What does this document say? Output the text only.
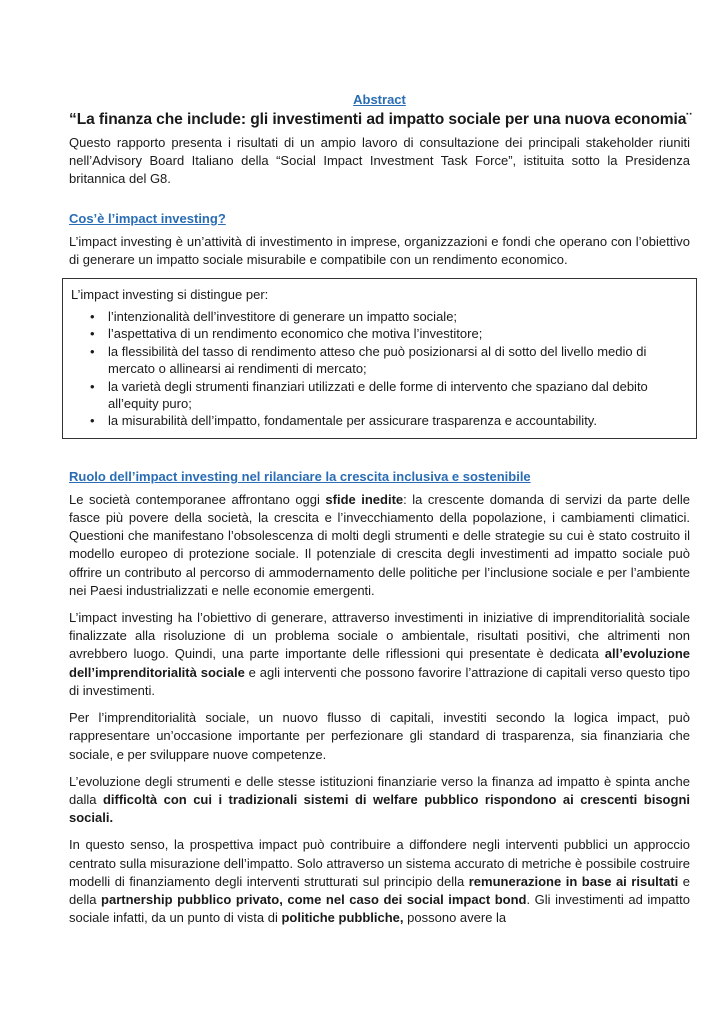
Abstract
“La finanza che include: gli investimenti ad impatto sociale per una nuova economia¨

Questo rapporto presenta i risultati di un ampio lavoro di consultazione dei principali stakeholder riuniti nell’Advisory Board Italiano della “Social Impact Investment Task Force”, istituita sotto la Presidenza britannica del G8.

Cos’è l’impact investing?

L’impact investing è un’attività di investimento in imprese, organizzazioni e fondi che operano con l’obiettivo di generare un impatto sociale misurabile e compatibile con un rendimento economico.

L’impact investing si distingue per:
• l’intenzionalità dell’investitore di generare un impatto sociale;
• l’aspettativa di un rendimento economico che motiva l’investitore;
• la flessibilità del tasso di rendimento atteso che può posizionarsi al di sotto del livello medio di mercato o allinearsi ai rendimenti di mercato;
• la varietà degli strumenti finanziari utilizzati e delle forme di intervento che spaziano dal debito all’equity puro;
• la misurabilità dell’impatto, fondamentale per assicurare trasparenza e accountability.
Ruolo dell’impact investing nel rilanciare la crescita inclusiva e sostenibile

Le società contemporanee affrontano oggi sfide inedite: la crescente domanda di servizi da parte delle fasce più povere della società, la crescita e l’invecchiamento della popolazione, i cambiamenti climatici. Questioni che manifestano l’obsolescenza di molti degli strumenti e delle strategie su cui è stato costruito il modello europeo di protezione sociale. Il potenziale di crescita degli investimenti ad impatto sociale può offrire un contributo al percorso di ammodernamento delle politiche per l’inclusione sociale e per l’ambiente nei Paesi industrializzati e nelle economie emergenti.

L’impact investing ha l’obiettivo di generare, attraverso investimenti in iniziative di imprenditorialità sociale finalizzate alla risoluzione di un problema sociale o ambientale, risultati positivi, che altrimenti non avrebbero luogo. Quindi, una parte importante delle riflessioni qui presentate è dedicata all’evoluzione dell’imprenditorialità sociale e agli interventi che possono favorire l’attrazione di capitali verso questo tipo di investimenti.

Per l’imprenditorialità sociale, un nuovo flusso di capitali, investiti secondo la logica impact, può rappresentare un’occasione importante per perfezionare gli standard di trasparenza, sia finanziaria che sociale, e per sviluppare nuove competenze.

L’evoluzione degli strumenti e delle stesse istituzioni finanziarie verso la finanza ad impatto è spinta anche dalla difficoltà con cui i tradizionali sistemi di welfare pubblico rispondono ai crescenti bisogni sociali.

In questo senso, la prospettiva impact può contribuire a diffondere negli interventi pubblici un approccio centrato sulla misurazione dell’impatto. Solo attraverso un sistema accurato di metriche è possibile costruire modelli di finanziamento degli interventi strutturati sul principio della remunerazione in base ai risultati e della partnership pubblico privato, come nel caso dei social impact bond. Gli investimenti ad impatto sociale infatti, da un punto di vista di politiche pubbliche, possono avere la
